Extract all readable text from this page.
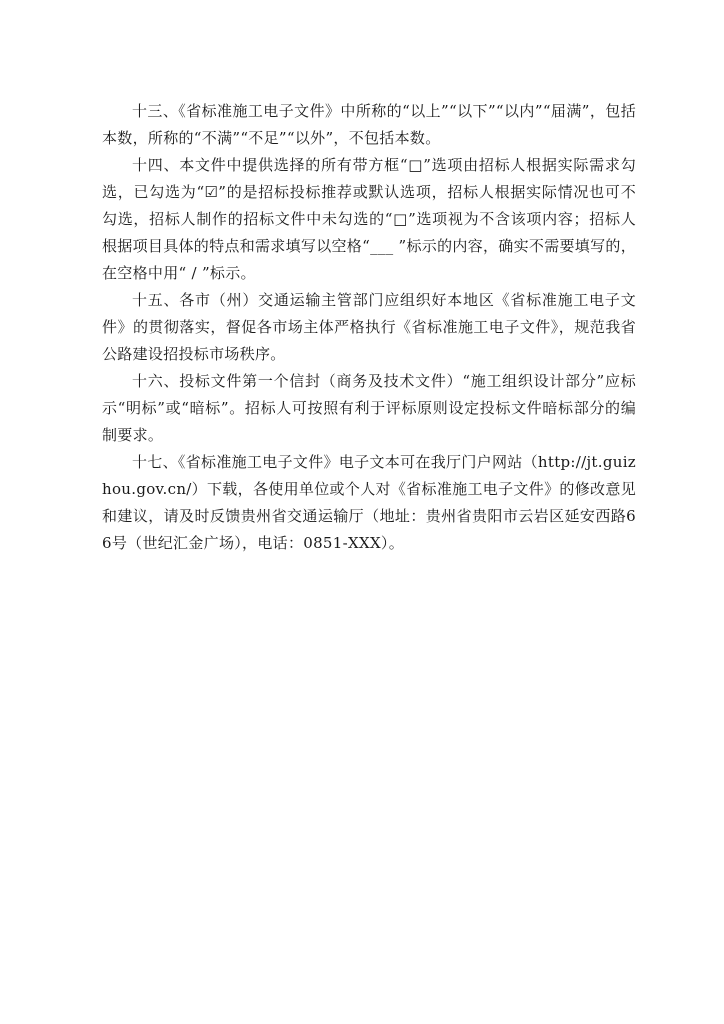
十三、《省标准施工电子文件》中所称的“以上”“以下”“以内”“届满”，包括本数，所称的“不满”“不足”“以外”，不包括本数。

十四、本文件中提供选择的所有带方框“□”选项由招标人根据实际需求勾选，已勾选为“☑”的是招标投标推荐或默认选项，招标人根据实际情况也可不勾选，招标人制作的招标文件中未勾选的“□”选项视为不含该项内容；招标人根据项目具体的特点和需求填写以空格“___ ”标示的内容，确实不需要填写的，在空格中用“ / ”标示。

十五、各市（州）交通运输主管部门应组织好本地区《省标准施工电子文件》的贯彻落实，督促各市场主体严格执行《省标准施工电子文件》，规范我省公路建设招投标市场秩序。

十六、投标文件第一个信封（商务及技术文件）“施工组织设计部分”应标示“明标”或“暗标”。招标人可按照有利于评标原则设定投标文件暗标部分的编制要求。

十七、《省标准施工电子文件》电子文本可在我厅门户网站（http://jt.guizhou.gov.cn/）下载，各使用单位或个人对《省标准施工电子文件》的修改意见和建议，请及时反馈贵州省交通运输厅（地址：贵州省贵阳市云岩区延安西路66号（世纪汇金广场），电话：0851-XXX）。
